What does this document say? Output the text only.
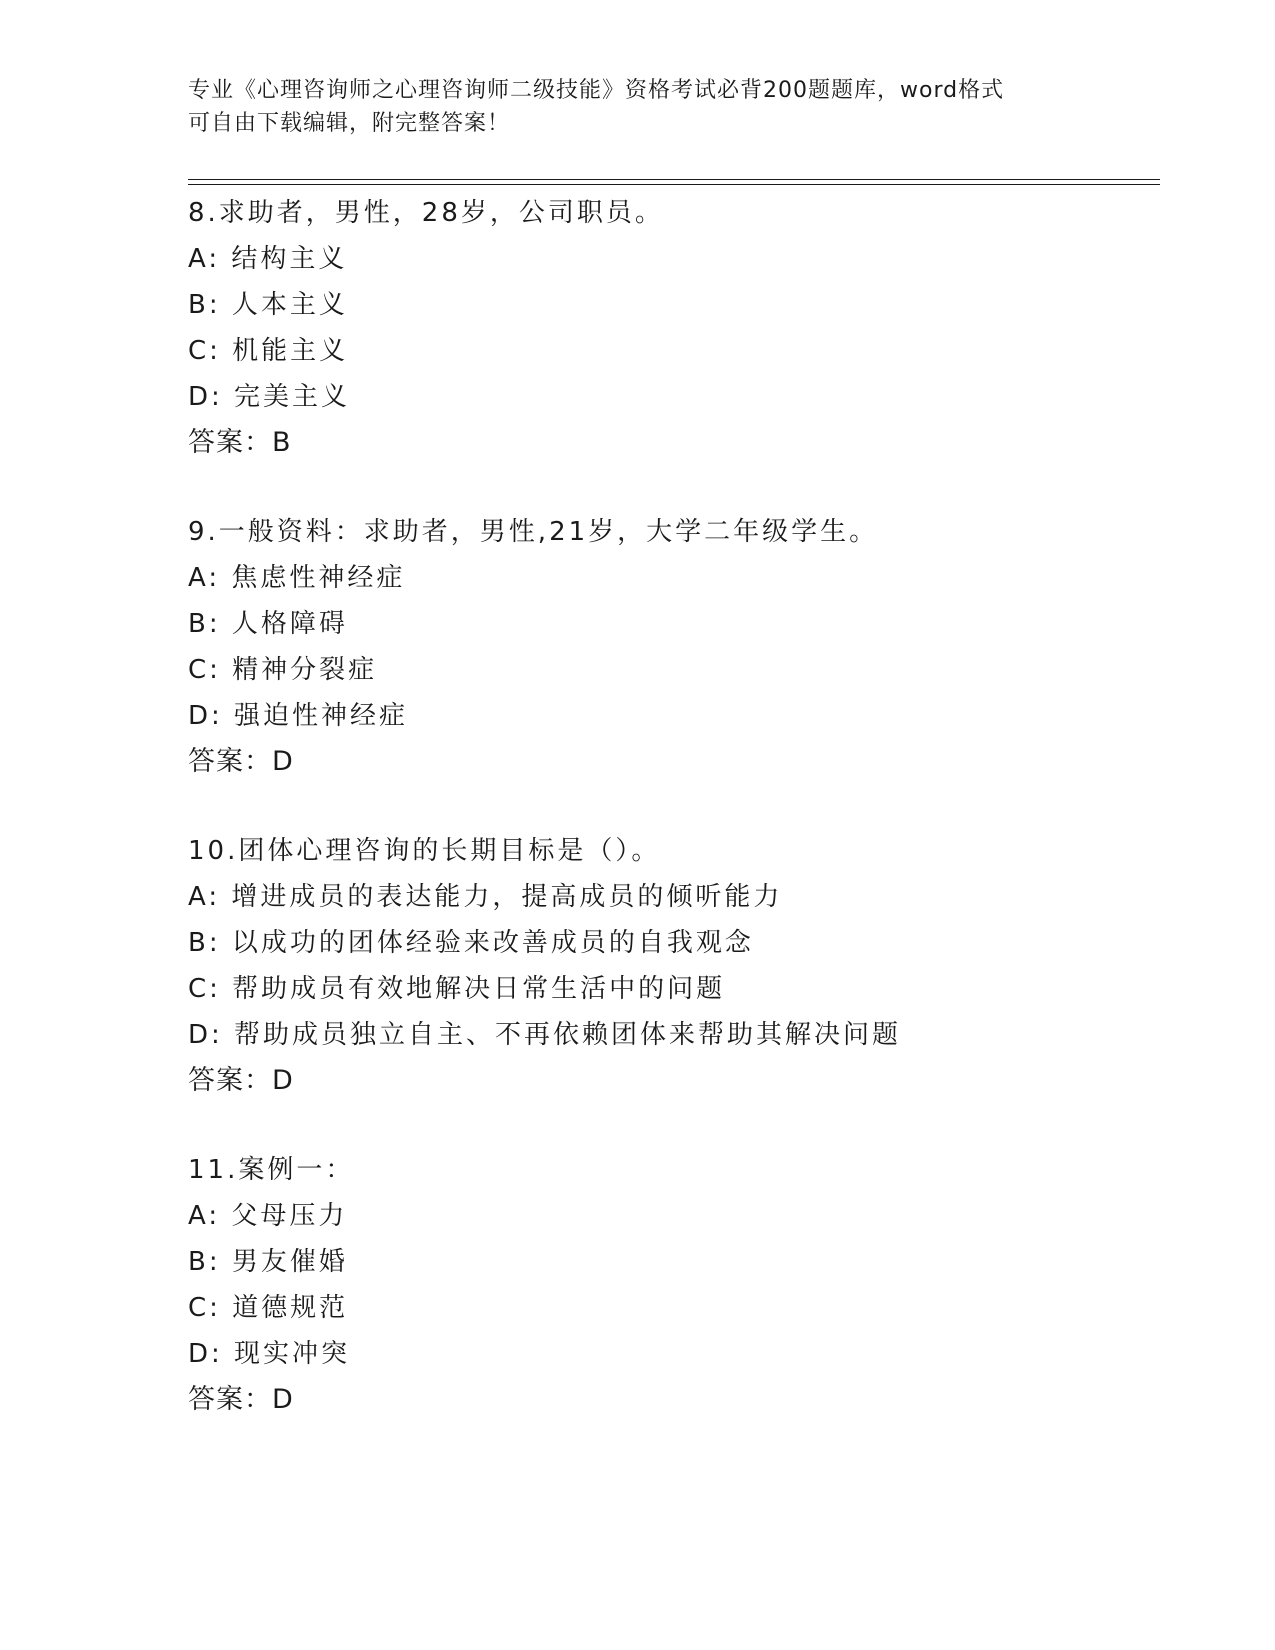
专业《心理咨询师之心理咨询师二级技能》资格考试必背200题题库，word格式
可自由下载编辑，附完整答案！
8.求助者，男性，28岁，公司职员。
A: 结构主义
B: 人本主义
C: 机能主义
D: 完美主义
答案：B
9.一般资料：求助者，男性,21岁，大学二年级学生。
A: 焦虑性神经症
B: 人格障碍
C: 精神分裂症
D: 强迫性神经症
答案：D
10.团体心理咨询的长期目标是（）。
A: 增进成员的表达能力，提高成员的倾听能力
B: 以成功的团体经验来改善成员的自我观念
C: 帮助成员有效地解决日常生活中的问题
D: 帮助成员独立自主、不再依赖团体来帮助其解决问题
答案：D
11.案例一：
A: 父母压力
B: 男友催婚
C: 道德规范
D: 现实冲突
答案：D
